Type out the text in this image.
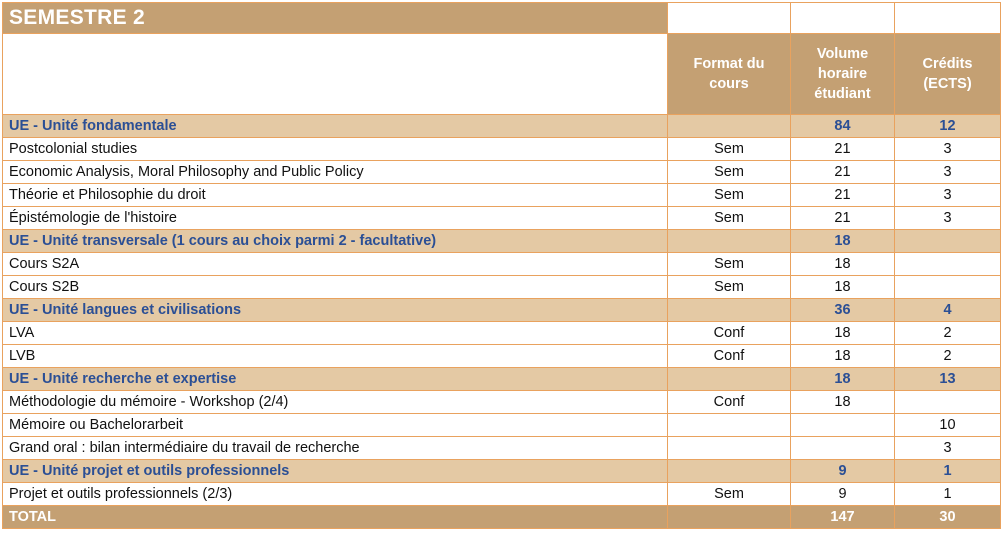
SEMESTRE 2			
	Format du cours	Volume horaire étudiant	Crédits (ECTS)
UE - Unité fondamentale		84	12
Postcolonial studies	Sem	21	3
Economic Analysis, Moral Philosophy and Public Policy	Sem	21	3
Théorie et Philosophie du droit	Sem	21	3
Épistémologie de l'histoire	Sem	21	3
UE - Unité transversale (1 cours au choix parmi 2 - facultative)		18	
Cours S2A	Sem	18	
Cours S2B	Sem	18	
UE - Unité langues et civilisations		36	4
LVA	Conf	18	2
LVB	Conf	18	2
UE - Unité recherche et expertise		18	13
Méthodologie du mémoire - Workshop (2/4)	Conf	18	
Mémoire ou Bachelorarbeit			10
Grand oral : bilan intermédiaire du travail de recherche			3
UE - Unité projet et outils professionnels		9	1
Projet et outils professionnels (2/3)	Sem	9	1
TOTAL		147	30
